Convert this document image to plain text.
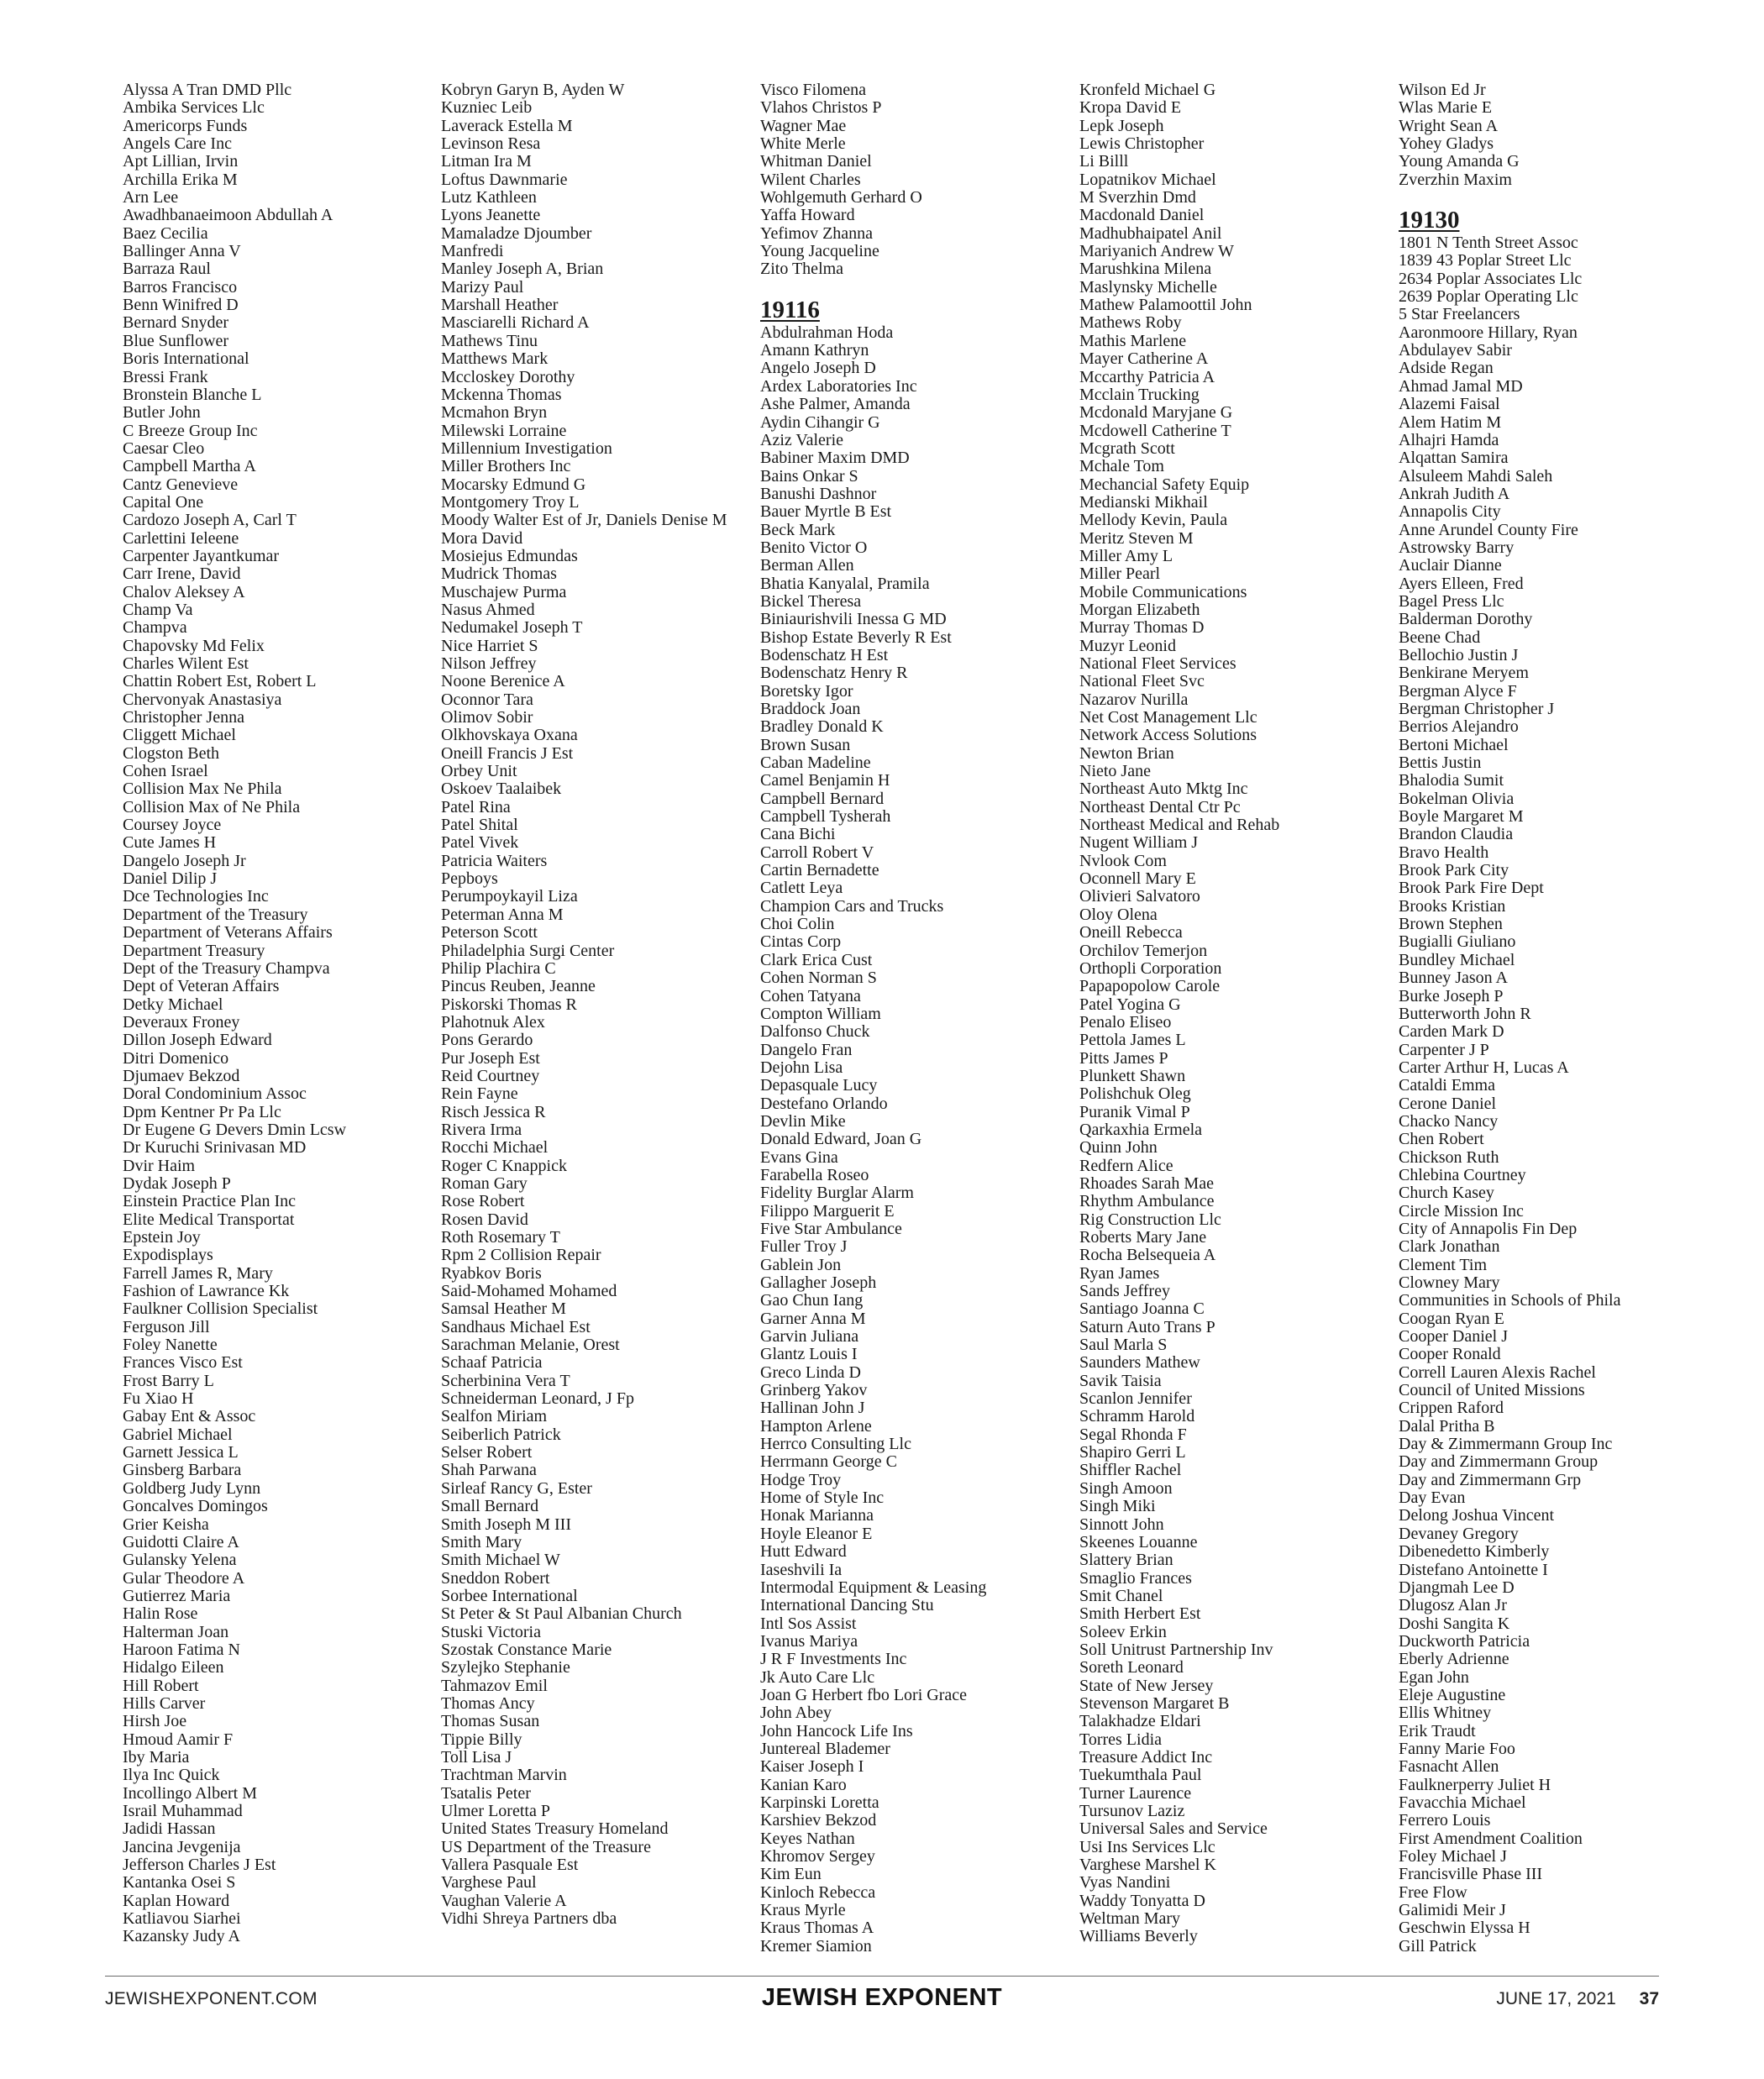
Alyssa A Tran DMD Pllc
Ambika Services Llc
Americorps Funds
Angels Care Inc
Apt Lillian, Irvin
Archilla Erika M
Arn Lee
Awadhbanaeimoon Abdullah A
Baez Cecilia
Ballinger Anna V
Barraza Raul
Barros Francisco
Benn Winifred D
Bernard Snyder
Blue Sunflower
Boris International
Bressi Frank
Bronstein Blanche L
Butler John
C Breeze Group Inc
Caesar Cleo
Campbell Martha A
Cantz Genevieve
Capital One
Cardozo Joseph A, Carl T
Carlettini Ieleene
Carpenter Jayantkumar
Carr Irene, David
Chalov Aleksey A
Champ Va
Champva
Chapovsky Md Felix
Charles Wilent Est
Chattin Robert Est, Robert L
Chervonyak Anastasiya
Christopher Jenna
Cliggett Michael
Clogston Beth
Cohen Israel
Collision Max Ne Phila
Collision Max of Ne Phila
Coursey Joyce
Cute James H
Dangelo Joseph Jr
Daniel Dilip J
Dce Technologies Inc
Department of the Treasury
Department of Veterans Affairs
Department Treasury
Dept of the Treasury Champva
Dept of Veteran Affairs
Detky Michael
Deveraux Froney
Dillon Joseph Edward
Ditri Domenico
Djumaev Bekzod
Doral Condominium Assoc
Dpm Kentner Pr Pa Llc
Dr Eugene G Devers Dmin Lcsw
Dr Kuruchi Srinivasan MD
Dvir Haim
Dydak Joseph P
Einstein Practice Plan Inc
Elite Medical Transportat
Epstein Joy
Expodisplays
Farrell James R, Mary
Fashion of Lawrance Kk
Faulkner Collision Specialist
Ferguson Jill
Foley Nanette
Frances Visco Est
Frost Barry L
Fu Xiao H
Gabay Ent & Assoc
Gabriel Michael
Garnett Jessica L
Ginsberg Barbara
Goldberg Judy Lynn
Goncalves Domingos
Grier Keisha
Guidotti Claire A
Gulansky Yelena
Gular Theodore A
Gutierrez Maria
Halin Rose
Halterman Joan
Haroon Fatima N
Hidalgo Eileen
Hill Robert
Hills Carver
Hirsh Joe
Hmoud Aamir F
Iby Maria
Ilya Inc Quick
Incollingo Albert M
Israil Muhammad
Jadidi Hassan
Jancina Jevgenija
Jefferson Charles J Est
Kantanka Osei S
Kaplan Howard
Katliavou Siarhei
Kazansky Judy A
Kobryn Garyn B, Ayden W
Kuzniec Leib
Laverack Estella M
Levinson Resa
Litman Ira M
Loftus Dawnmarie
Lutz Kathleen
Lyons Jeanette
Mamaladze Djoumber
Manfredi
Manley Joseph A, Brian
Marizy Paul
Marshall Heather
Masciarelli Richard A
Mathews Tinu
Matthews Mark
Mccloskey Dorothy
Mckenna Thomas
Mcmahon Bryn
Milewski Lorraine
Millennium Investigation
Miller Brothers Inc
Mocarsky Edmund G
Montgomery Troy L
Moody Walter Est of Jr, Daniels Denise M
Mora David
Mosiejus Edmundas
Mudrick Thomas
Muschajew Purma
Nasus Ahmed
Nedumakel Joseph T
Nice Harriet S
Nilson Jeffrey
Noone Berenice A
Oconnor Tara
Olimov Sobir
Olkhovskaya Oxana
Oneill Francis J Est
Orbey Unit
Oskoev Taalaibek
Patel Rina
Patel Shital
Patel Vivek
Patricia Waiters
Pepboys
Perumpoykayil Liza
Peterman Anna M
Peterson Scott
Philadelphia Surgi Center
Philip Plachira C
Pincus Reuben, Jeanne
Piskorski Thomas R
Plahotnuk Alex
Pons Gerardo
Pur Joseph Est
Reid Courtney
Rein Fayne
Risch Jessica R
Rivera Irma
Rocchi Michael
Roger C Knappick
Roman Gary
Rose Robert
Rosen David
Roth Rosemary T
Rpm 2 Collision Repair
Ryabkov Boris
Said-Mohamed Mohamed
Samsal Heather M
Sandhaus Michael Est
Sarachman Melanie, Orest
Schaaf Patricia
Scherbinina Vera T
Schneiderman Leonard, J Fp
Sealfon Miriam
Seiberlich Patrick
Selser Robert
Shah Parwana
Sirleaf Rancy G, Ester
Small Bernard
Smith Joseph M III
Smith Mary
Smith Michael W
Sneddon Robert
Sorbee International
St Peter & St Paul Albanian Church
Stuski Victoria
Szostak Constance Marie
Szylejko Stephanie
Tahmazov Emil
Thomas Ancy
Thomas Susan
Tippie Billy
Toll Lisa J
Trachtman Marvin
Tsatalis Peter
Ulmer Loretta P
United States Treasury Homeland
US Department of the Treasure
Vallera Pasquale Est
Varghese Paul
Vaughan Valerie A
Vidhi Shreya Partners dba
Visco Filomena
Vlahos Christos P
Wagner Mae
White Merle
Whitman Daniel
Wilent Charles
Wohlgemuth Gerhard O
Yaffa Howard
Yefimov Zhanna
Young Jacqueline
Zito Thelma
19116
Abdulrahman Hoda
Amann Kathryn
Angelo Joseph D
Ardex Laboratories Inc
Ashe Palmer, Amanda
Aydin Cihangir G
Aziz Valerie
Babiner Maxim DMD
Bains Onkar S
Banushi Dashnor
Bauer Myrtle B Est
Beck Mark
Benito Victor O
Berman Allen
Bhatia Kanyalal, Pramila
Bickel Theresa
Biniaurishvili Inessa G MD
Bishop Estate Beverly R Est
Bodenschatz H Est
Bodenschatz Henry R
Boretsky Igor
Braddock Joan
Bradley Donald K
Brown Susan
Caban Madeline
Camel Benjamin H
Campbell Bernard
Campbell Tysherah
Cana Bichi
Carroll Robert V
Cartin Bernadette
Catlett Leya
Champion Cars and Trucks
Choi Colin
Cintas Corp
Clark Erica Cust
Cohen Norman S
Cohen Tatyana
Compton William
Dalfonso Chuck
Dangelo Fran
Dejohn Lisa
Depasquale Lucy
Destefano Orlando
Devlin Mike
Donald Edward, Joan G
Evans Gina
Farabella Roseo
Fidelity Burglar Alarm
Filippo Marguerit E
Five Star Ambulance
Fuller Troy J
Gablein Jon
Gallagher Joseph
Gao Chun Iang
Garner Anna M
Garvin Juliana
Glantz Louis I
Greco Linda D
Grinberg Yakov
Hallinan John J
Hampton Arlene
Herrco Consulting Llc
Herrmann George C
Hodge Troy
Home of Style Inc
Honak Marianna
Hoyle Eleanor E
Hutt Edward
Iaseshvili Ia
Intermodal Equipment & Leasing
International Dancing Stu
Intl Sos Assist
Ivanus Mariya
J R F Investments Inc
Jk Auto Care Llc
Joan G Herbert fbo Lori Grace
John Abey
John Hancock Life Ins
Juntereal Blademer
Kaiser Joseph I
Kanian Karo
Karpinski Loretta
Karshiev Bekzod
Keyes Nathan
Khromov Sergey
Kim Eun
Kinloch Rebecca
Kraus Myrle
Kraus Thomas A
Kremer Siamion
Kronfeld Michael G
Kropa David E
Lepk Joseph
Lewis Christopher
Li Billl
Lopatnikov Michael
M Sverzhin Dmd
Macdonald Daniel
Madhubhaipatel Anil
Mariyanich Andrew W
Marushkina Milena
Maslynsky Michelle
Mathew Palamoottil John
Mathews Roby
Mathis Marlene
Mayer Catherine A
Mccarthy Patricia A
Mcclain Trucking
Mcdonald Maryjane G
Mcdowell Catherine T
Mcgrath Scott
Mchale Tom
Mechancial Safety Equip
Medianski Mikhail
Mellody Kevin, Paula
Meritz Steven M
Miller Amy L
Miller Pearl
Mobile Communications
Morgan Elizabeth
Murray Thomas D
Muzyr Leonid
National Fleet Services
National Fleet Svc
Nazarov Nurilla
Net Cost Management Llc
Network Access Solutions
Newton Brian
Nieto Jane
Northeast Auto Mktg Inc
Northeast Dental Ctr Pc
Northeast Medical and Rehab
Nugent William J
Nvlook Com
Oconnell Mary E
Olivieri Salvatoro
Oloy Olena
Oneill Rebecca
Orchilov Temerjon
Orthopli Corporation
Papapopolow Carole
Patel Yogina G
Penalo Eliseo
Pettola James L
Pitts James P
Plunkett Shawn
Polishchuk Oleg
Puranik Vimal P
Qarkaxhia Ermela
Quinn John
Redfern Alice
Rhoades Sarah Mae
Rhythm Ambulance
Rig Construction Llc
Roberts Mary Jane
Rocha Belsequeia A
Ryan James
Sands Jeffrey
Santiago Joanna C
Saturn Auto Trans P
Saul Marla S
Saunders Mathew
Savik Taisia
Scanlon Jennifer
Schramm Harold
Segal Rhonda F
Shapiro Gerri L
Shiffler Rachel
Singh Amoon
Singh Miki
Sinnott John
Skeenes Louanne
Slattery Brian
Smaglio Frances
Smit Chanel
Smith Herbert Est
Soleev Erkin
Soll Unitrust Partnership Inv
Soreth Leonard
State of New Jersey
Stevenson Margaret B
Talakhadze Eldari
Torres Lidia
Treasure Addict Inc
Tuekumthala Paul
Turner Laurence
Tursunov Laziz
Universal Sales and Service
Usi Ins Services Llc
Varghese Marshel K
Vyas Nandini
Waddy Tonyatta D
Weltman Mary
Williams Beverly
Wilson Ed Jr
Wlas Marie E
Wright Sean A
Yohey Gladys
Young Amanda G
Zverzhin Maxim
19130
1801 N Tenth Street Assoc
1839 43 Poplar Street Llc
2634 Poplar Associates Llc
2639 Poplar Operating Llc
5 Star Freelancers
Aaronmoore Hillary, Ryan
Abdulayev Sabir
Adside Regan
Ahmad Jamal MD
Alazemi Faisal
Alem Hatim M
Alhajri Hamda
Alqattan Samira
Alsuleem Mahdi Saleh
Ankrah Judith A
Annapolis City
Anne Arundel County Fire
Astrowsky Barry
Auclair Dianne
Ayers Elleen, Fred
Bagel Press Llc
Balderman Dorothy
Beene Chad
Bellochio Justin J
Benkirane Meryem
Bergman Alyce F
Bergman Christopher J
Berrios Alejandro
Bertoni Michael
Bettis Justin
Bhalodia Sumit
Bokelman Olivia
Boyle Margaret M
Brandon Claudia
Bravo Health
Brook Park City
Brook Park Fire Dept
Brooks Kristian
Brown Stephen
Bugialli Giuliano
Bundley Michael
Bunney Jason A
Burke Joseph P
Butterworth John R
Carden Mark D
Carpenter J P
Carter Arthur H, Lucas A
Cataldi Emma
Cerone Daniel
Chacko Nancy
Chen Robert
Chickson Ruth
Chlebina Courtney
Church Kasey
Circle Mission Inc
City of Annapolis Fin Dep
Clark Jonathan
Clement Tim
Clowney Mary
Communities in Schools of Phila
Coogan Ryan E
Cooper Daniel J
Cooper Ronald
Correll Lauren Alexis Rachel
Council of United Missions
Crippen Raford
Dalal Pritha B
Day & Zimmermann Group Inc
Day and Zimmermann Group
Day and Zimmermann Grp
Day Evan
Delong Joshua Vincent
Devaney Gregory
Dibenedetto Kimberly
Distefano Antoinette I
Djangmah Lee D
Dlugosz Alan Jr
Doshi Sangita K
Duckworth Patricia
Eberly Adrienne
Egan John
Eleje Augustine
Ellis Whitney
Erik Traudt
Fanny Marie Foo
Fasnacht Allen
Faulknerperry Juliet H
Favacchia Michael
Ferrero Louis
First Amendment Coalition
Foley Michael J
Francisville Phase III
Free Flow
Galimidi Meir J
Geschwin Elyssa H
Gill Patrick
JEWISHEXPONENT.COM	JEWISH EXPONENT	JUNE 17, 2021 37
